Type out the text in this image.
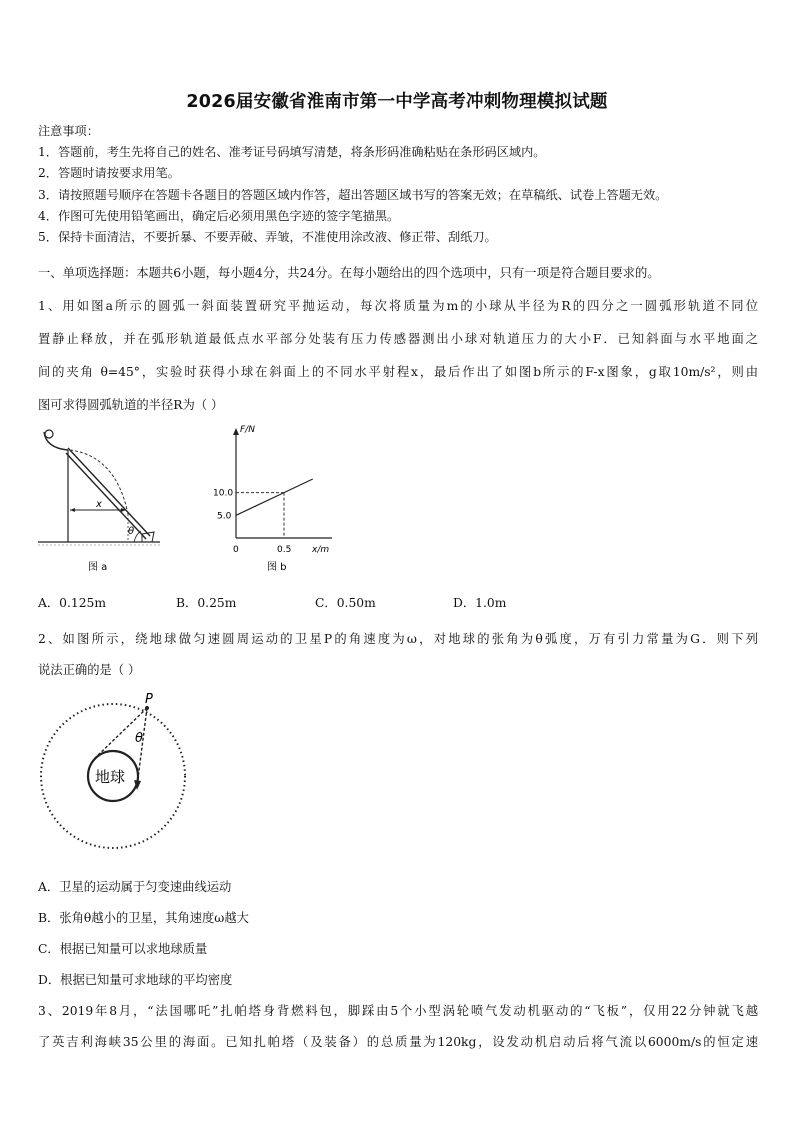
2026届安徽省淮南市第一中学高考冲刺物理模拟试题
注意事项：
1．答题前，考生先将自己的姓名、准考证号码填写清楚，将条形码准确粘贴在条形码区域内。
2．答题时请按要求用笔。
3．请按照题号顺序在答题卡各题目的答题区域内作答，超出答题区域书写的答案无效；在草稿纸、试卷上答题无效。
4．作图可先使用铅笔画出，确定后必须用黑色字迹的签字笔描黑。
5．保持卡面清洁，不要折暴、不要弄破、弄皱，不准使用涂改液、修正带、刮纸刀。
一、单项选择题：本题共6小题，每小题4分，共24分。在每小题给出的四个选项中，只有一项是符合题目要求的。
1、用如图a所示的圆弧一斜面装置研究平抛运动，每次将质量为m的小球从半径为R的四分之一圆弧形轨道不同位
置静止释放，并在弧形轨道最低点水平部分处装有压力传感器测出小球对轨道压力的大小F．已知斜面与水平地面之
间的夹角 θ=45°，实验时获得小球在斜面上的不同水平射程x，最后作出了如图b所示的F-x图象，g取10m/s²，则由
图可求得圆弧轨道的半径R为（ ）
x
θ
图 a
F/N
x/m
0
10.0
5.0
0.5
图 b
A．0.125m	B．0.25m	C．0.50m	D．1.0m
2、如图所示，绕地球做匀速圆周运动的卫星P的角速度为ω，对地球的张角为θ弧度，万有引力常量为G．则下列
说法正确的是（ ）
P
θ
地球
A．卫星的运动属于匀变速曲线运动
B．张角θ越小的卫星，其角速度ω越大
C．根据已知量可以求地球质量
D．根据已知量可求地球的平均密度
3、2019年8月，“法国哪吒”扎帕塔身背燃料包，脚踩由5个小型涡轮喷气发动机驱动的“飞板”，仅用22分钟就飞越
了英吉利海峡35公里的海面。已知扎帕塔（及装备）的总质量为120kg，设发动机启动后将气流以6000m/s的恒定速
